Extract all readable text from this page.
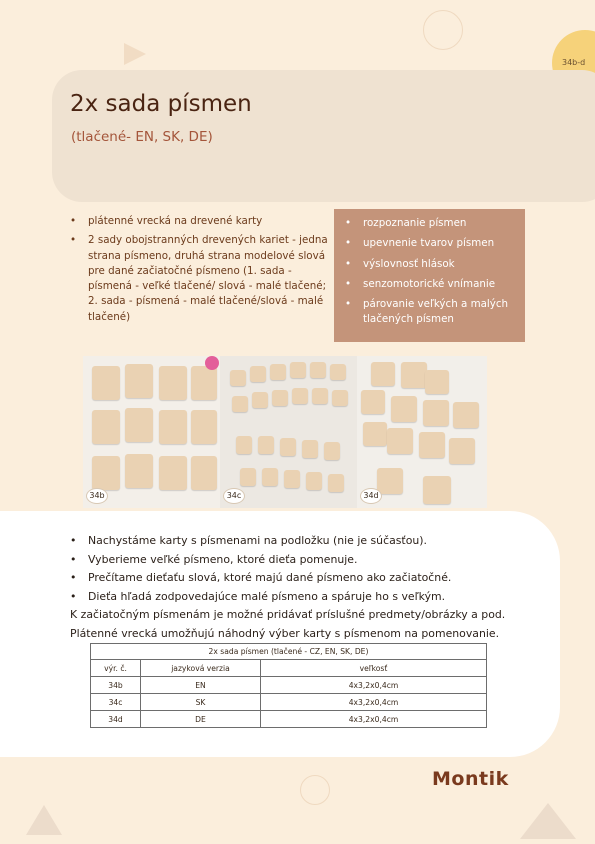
34b-d
2x sada písmen
(tlačené- EN, SK, DE)
• plátenné vrecká na drevené karty
• 2 sady obojstranných drevených kariet - jedna strana písmeno, druhá strana modelové slová pre dané začiatočné písmeno (1. sada - písmená - veľké tlačené/ slová - malé tlačené; 2. sada - písmená - malé tlačené/slová - malé tlačené)
• rozpoznanie písmen
• upevnenie tvarov písmen
• výslovnosť hlások
• senzomotorické vnímanie
• párovanie veľkých a malých tlačených písmen
34b	34c	34d
• Nachystáme karty s písmenami na podložku (nie je súčasťou).
• Vyberieme veľké písmeno, ktoré dieťa pomenuje.
• Prečítame dieťaťu slová, ktoré majú dané písmeno ako začiatočné.
• Dieťa hľadá zodpovedajúce malé písmeno a spáruje ho s veľkým.

K začiatočným písmenám je možné pridávať príslušné predmety/obrázky a pod.

Plátenné vrecká umožňujú náhodný výber karty s písmenom na pomenovanie.

2x sada písmen (tlačené - CZ, EN, SK, DE)		
výr. č.	jazyková verzia	veľkosť
34b	EN	4x3,2x0,4cm
34c	SK	4x3,2x0,4cm
34d	DE	4x3,2x0,4cm
Montik
